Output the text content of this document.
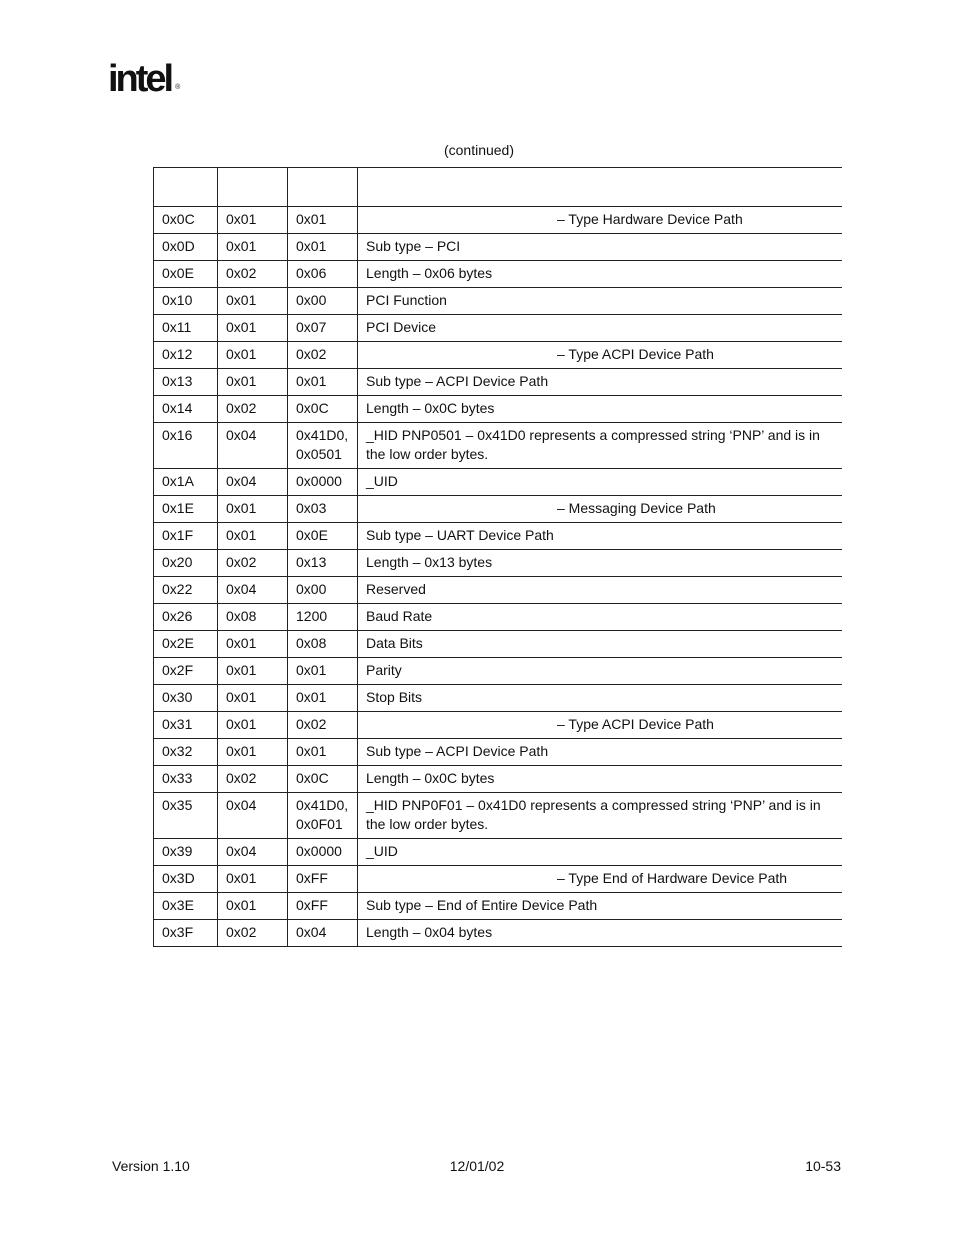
intel ®
(continued)

0x0C	0x01	0x01	– Type Hardware Device Path
0x0D	0x01	0x01	Sub type – PCI
0x0E	0x02	0x06	Length – 0x06 bytes
0x10	0x01	0x00	PCI Function
0x11	0x01	0x07	PCI Device
0x12	0x01	0x02	– Type ACPI Device Path
0x13	0x01	0x01	Sub type – ACPI Device Path
0x14	0x02	0x0C	Length – 0x0C bytes
0x16	0x04	0x41D0, 0x0501	_HID PNP0501 – 0x41D0 represents a compressed string ‘PNP’ and is in the low order bytes.
0x1A	0x04	0x0000	_UID
0x1E	0x01	0x03	– Messaging Device Path
0x1F	0x01	0x0E	Sub type – UART Device Path
0x20	0x02	0x13	Length – 0x13 bytes
0x22	0x04	0x00	Reserved
0x26	0x08	1200	Baud Rate
0x2E	0x01	0x08	Data Bits
0x2F	0x01	0x01	Parity
0x30	0x01	0x01	Stop Bits
0x31	0x01	0x02	– Type ACPI Device Path
0x32	0x01	0x01	Sub type – ACPI Device Path
0x33	0x02	0x0C	Length – 0x0C bytes
0x35	0x04	0x41D0, 0x0F01	_HID PNP0F01 – 0x41D0 represents a compressed string ‘PNP’ and is in the low order bytes.
0x39	0x04	0x0000	_UID
0x3D	0x01	0xFF	– Type End of Hardware Device Path
0x3E	0x01	0xFF	Sub type – End of Entire Device Path
0x3F	0x02	0x04	Length – 0x04 bytes
Version 1.10	12/01/02	10-53
